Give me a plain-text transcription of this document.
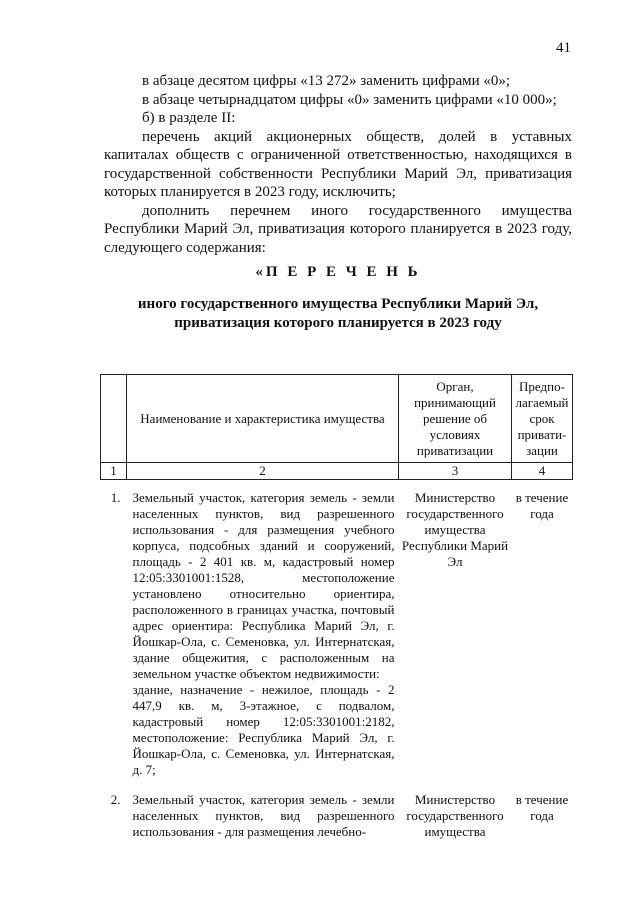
41

в абзаце десятом цифры «13 272» заменить цифрами «0»;

в абзаце четырнадцатом цифры «0» заменить цифрами «10 000»;

б) в разделе II:

перечень акций акционерных обществ, долей в уставных капиталах обществ с ограниченной ответственностью, находящихся в государственной собственности Республики Марий Эл, приватизация которых планируется в 2023 году, исключить;

дополнить перечнем иного государственного имущества Республики Марий Эл, приватизация которого планируется в 2023 году, следующего содержания:

«П Е Р Е Ч Е Н Ь
иного государственного имущества Республики Марий Эл, приватизация которого планируется в 2023 году
	Наименование и характеристика имущества	Орган, принимающий решение об условиях приватизации	Предпо-лагаемый срок привати-зации
1	2	3	4

1.	Земельный участок, категория земель - земли населенных пунктов, вид разрешенного использования - для размещения учебного корпуса, подсобных зданий и сооружений, площадь - 2 401 кв. м, кадастровый номер 12:05:3301001:1528, местоположение установлено относительно ориентира, расположенного в границах участка, почтовый адрес ориентира: Республика Марий Эл, г. Йошкар-Ола, с. Семеновка, ул. Интернатская, здание общежития, с расположенным на земельном участке объектом недвижимости:
здание, назначение - нежилое, площадь - 2 447,9 кв. м, 3-этажное, с подвалом, кадастровый номер 12:05:3301001:2182, местоположение: Республика Марий Эл, г. Йошкар-Ола, с. Семеновка, ул. Интернатская, д. 7;	Министерство государственного имущества Республики Марий Эл	в течение года

2.	Земельный участок, категория земель - земли населенных пунктов, вид разрешенного использования - для размещения лечебно-	Министерство государственного имущества	в течение года
